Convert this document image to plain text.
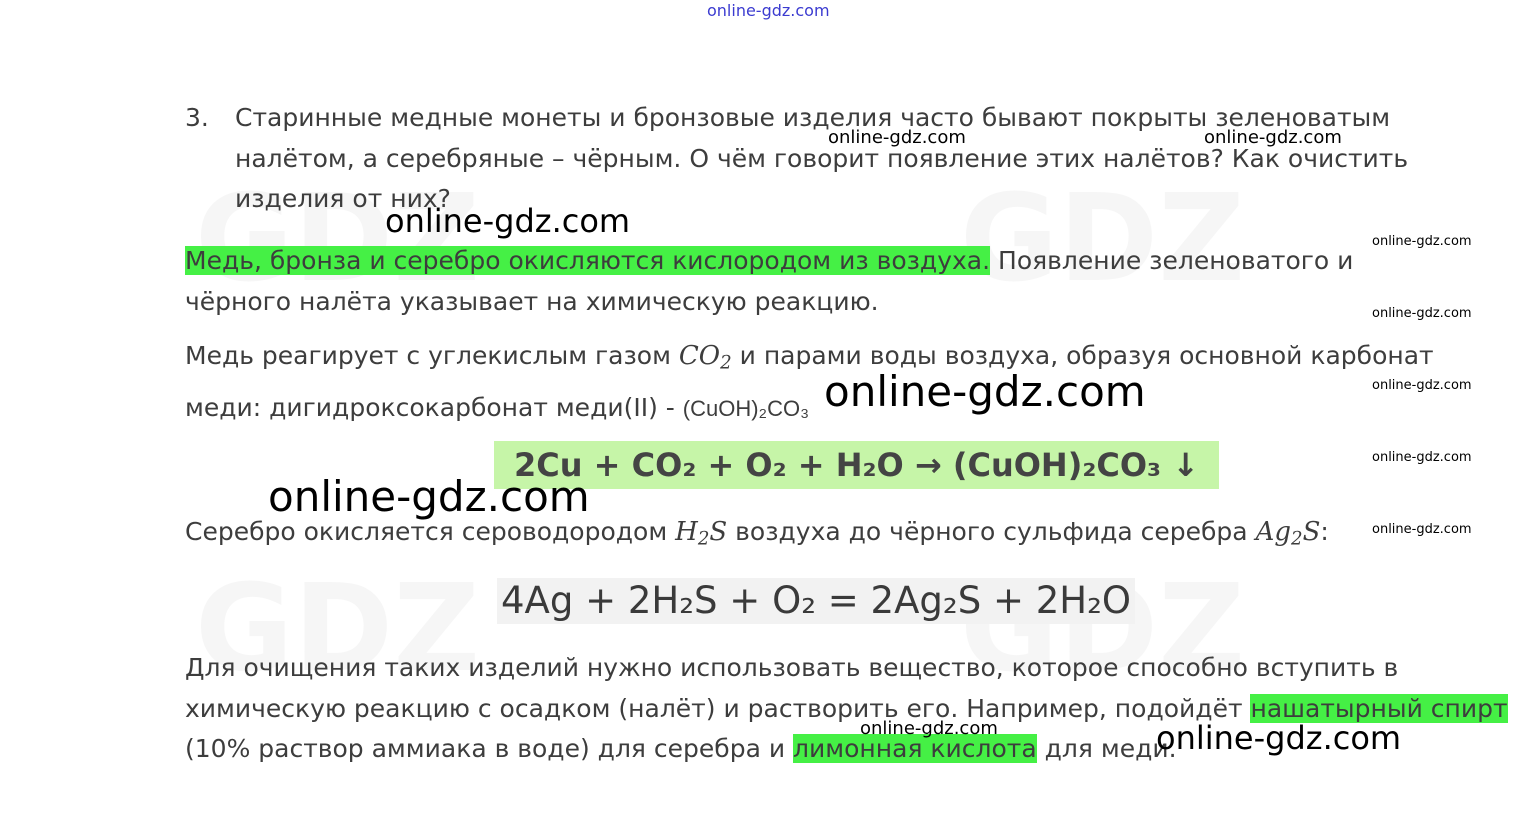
online-gdz.com
3. Старинные медные монеты и бронзовые изделия часто бывают покрыты зеленоватым
налётом, а серебряные – чёрным. О чём говорит появление этих налётов? Как очистить
изделия от них?
online-gdz.com	online-gdz.com
online-gdz.com
Медь, бронза и серебро окисляются кислородом из воздуха. Появление зеленоватого и
чёрного налёта указывает на химическую реакцию.
Медь реагирует с углекислым газом $CO_2$ и парами воды воздуха, образуя основной карбонат
меди: дигидроксокарбонат меди(II) - (CuOH)₂CO₃ online-gdz.com
2Cu + CO₂ + O₂ + H₂O → (CuOH)₂CO₃ ↓
online-gdz.com
Серебро окисляется сероводородом $H_2S$ воздуха до чёрного сульфида серебра $Ag_2S$:
4Ag + 2H₂S + O₂ = 2Ag₂S + 2H₂O
Для очищения таких изделий нужно использовать вещество, которое способно вступить в
химическую реакцию с осадком (налёт) и растворить его. Например, подойдёт нашатырный спирт
(10% раствор аммиака в воде) для серебра и лимонная кислота для меди.
online-gdz.com	online-gdz.com
online-gdz.com
online-gdz.com
online-gdz.com
online-gdz.com
online-gdz.com
